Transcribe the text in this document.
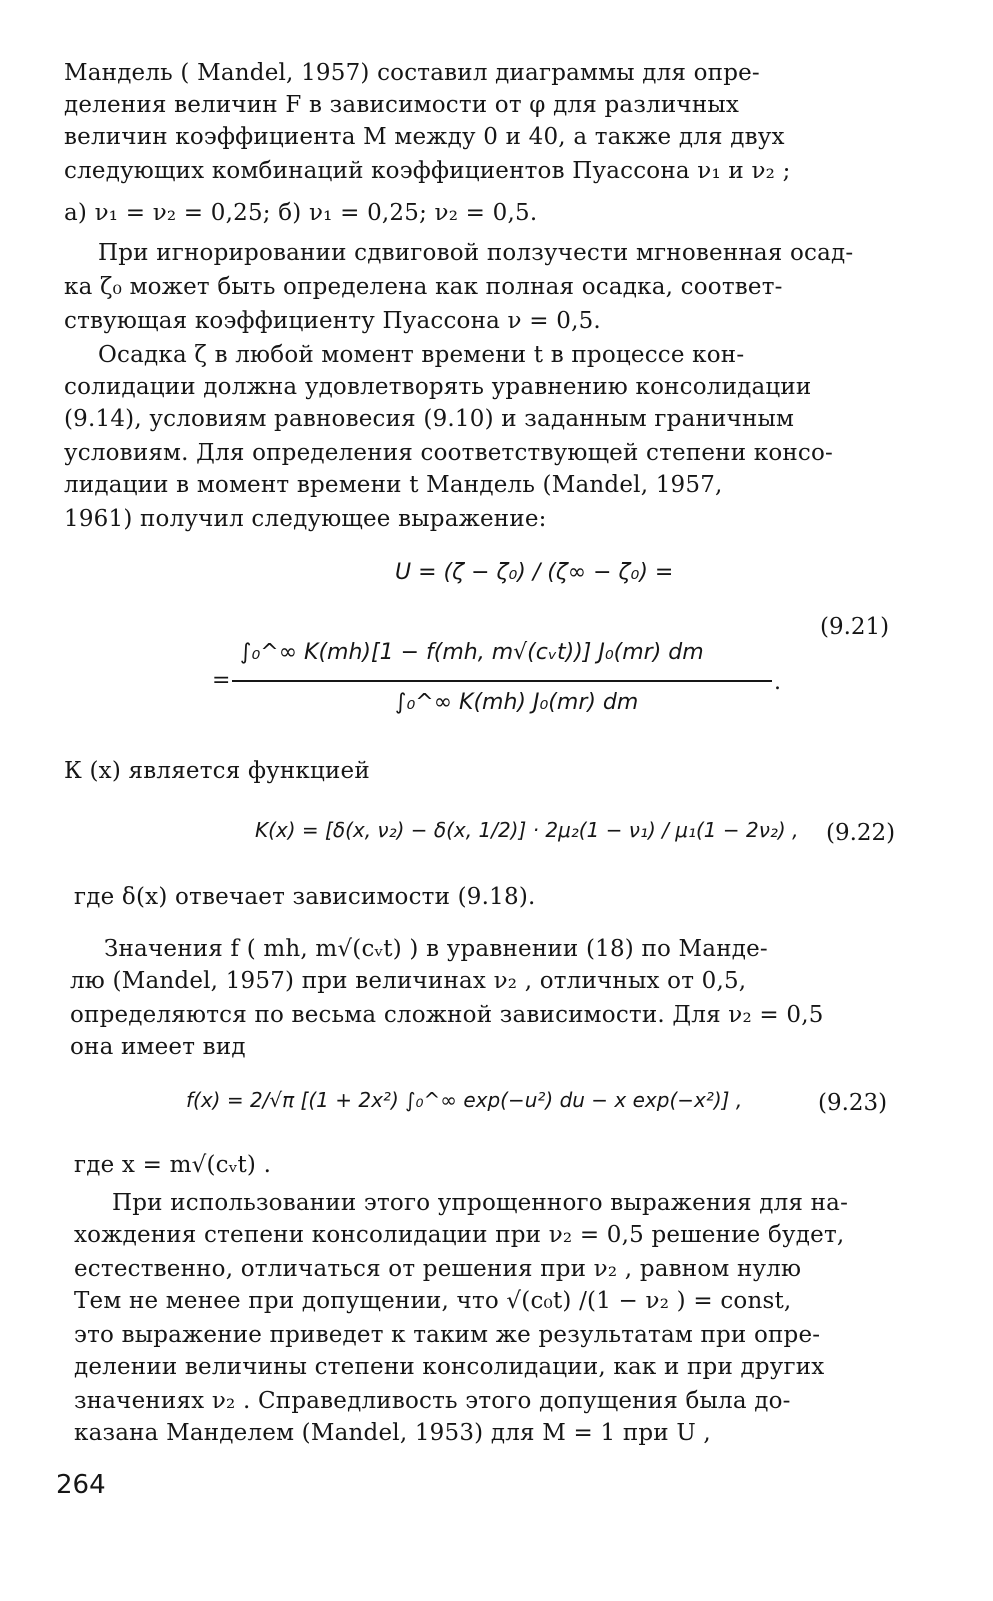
Мандель ( Mandel, 1957) составил диаграммы для опре-

деления величин F в зависимости от φ для различных

величин коэффициента М между 0 и 40, а также для двух

следующих комбинаций коэффициентов Пуассона ν₁ и ν₂ ;

а) ν₁ = ν₂ = 0,25; б) ν₁ = 0,25; ν₂ = 0,5.

При игнорировании сдвиговой ползучести мгновенная осад-

ка ζ₀ может быть определена как полная осадка, соответ-

ствующая коэффициенту Пуассона ν = 0,5.

Осадка ζ в любой момент времени t в процессе кон-

солидации должна удовлетворять уравнению консолидации

(9.14), условиям равновесия (9.10) и заданным граничным

условиям. Для определения соответствующей степени консо-

лидации в момент времени t Мандель (Mandel, 1957,

1961) получил следующее выражение:

U = (ζ − ζ₀) / (ζ∞ − ζ₀) =
∫₀^∞ K(mh)[1 − f(mh, m√(cᵥt))] J₀(mr) dm
=
∫₀^∞ K(mh) J₀(mr) dm
.
(9.21)

К (х) является функцией

K(x) = [δ(x, ν₂) − δ(x, 1/2)] · 2μ₂(1 − ν₁) / μ₁(1 − 2ν₂) , (9.22)

где δ(x) отвечает зависимости (9.18).

Значения f ( mh, m√(cᵥt) ) в уравнении (18) по Манде-

лю (Mandel, 1957) при величинах ν₂ , отличных от 0,5,

определяются по весьма сложной зависимости. Для ν₂ = 0,5

она имеет вид

f(x) = 2/√π [(1 + 2x²) ∫₀^∞ exp(−u²) du − x exp(−x²)] ,	(9.23)

где x = m√(cᵥt) .

При использовании этого упрощенного выражения для на-

хождения степени консолидации при ν₂ = 0,5 решение будет,

естественно, отличаться от решения при ν₂ , равном нулю

Тем не менее при допущении, что √(c₀t) /(1 − ν₂ ) = const,

это выражение приведет к таким же результатам при опре-

делении величины степени консолидации, как и при других

значениях ν₂ . Справедливость этого допущения была до-

казана Манделем (Mandel, 1953) для M = 1 при U ,

264
